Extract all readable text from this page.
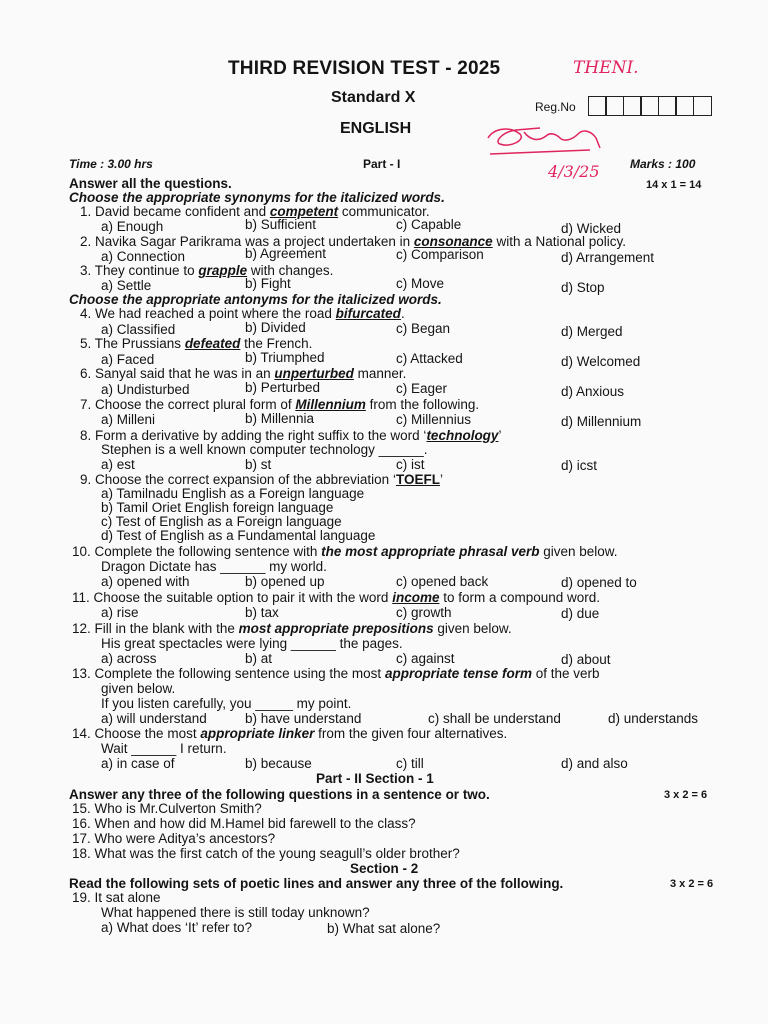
THIRD REVISION TEST - 2025	THENI.
Standard X
Reg.No
ENGLISH
4/3/25
Time : 3.00 hrs	Part - I	Marks : 100
14 x 1 = 14
Answer all the questions.
Choose the appropriate synonyms for the italicized words.
1. David became confident and competent communicator.
a) Enough	b) Sufficient	c) Capable	d) Wicked
2. Navika Sagar Parikrama was a project undertaken in consonance with a National policy.
a) Connection	b) Agreement	c) Comparison	d) Arrangement
3. They continue to grapple with changes.
a) Settle	b) Fight	c) Move	d) Stop
Choose the appropriate antonyms for the italicized words.
4. We had reached a point where the road bifurcated.
a) Classified	b) Divided	c) Began	d) Merged
5. The Prussians defeated the French.
a) Faced	b) Triumphed	c) Attacked	d) Welcomed
6. Sanyal said that he was in an unperturbed manner.
a) Undisturbed	b) Perturbed	c) Eager	d) Anxious
7. Choose the correct plural form of Millennium from the following.
a) Milleni	b) Millennia	c) Millennius	d) Millennium
8. Form a derivative by adding the right suffix to the word ‘technology’
Stephen is a well known computer technology ______.
a) est	b) st	c) ist	d) icst
9. Choose the correct expansion of the abbreviation ‘TOEFL’
a) Tamilnadu English as a Foreign language
b) Tamil Oriet English foreign language
c) Test of English as a Foreign language
d) Test of English as a Fundamental language
10. Complete the following sentence with the most appropriate phrasal verb given below.
Dragon Dictate has ______ my world.
a) opened with	b) opened up	c) opened back	d) opened to
11. Choose the suitable option to pair it with the word income to form a compound word.
a) rise	b) tax	c) growth	d) due
12. Fill in the blank with the most appropriate prepositions given below.
His great spectacles were lying ______ the pages.
a) across	b) at	c) against	d) about
13. Complete the following sentence using the most appropriate tense form of the verb
given below.
If you listen carefully, you _____ my point.
a) will understand	b) have understand	c) shall be understand	d) understands
14. Choose the most appropriate linker from the given four alternatives.
Wait ______ I return.
a) in case of	b) because	c) till	d) and also
Part - II Section - 1
Answer any three of the following questions in a sentence or two.	3 x 2 = 6
15. Who is Mr.Culverton Smith?
16. When and how did M.Hamel bid farewell to the class?
17. Who were Aditya’s ancestors?
18. What was the first catch of the young seagull’s older brother?
Section - 2
Read the following sets of poetic lines and answer any three of the following.	3 x 2 = 6
19. It sat alone
What happened there is still today unknown?
a) What does ‘It’ refer to?	b) What sat alone?
